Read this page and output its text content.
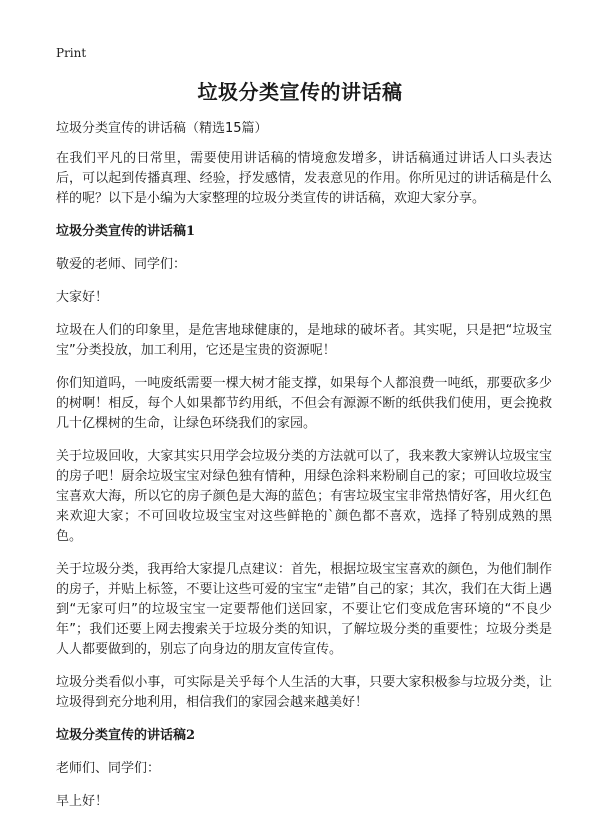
Print
垃圾分类宣传的讲话稿
垃圾分类宣传的讲话稿（精选15篇）

在我们平凡的日常里，需要使用讲话稿的情境愈发增多，讲话稿通过讲话人口头表达后，可以起到传播真理、经验，抒发感情，发表意见的作用。你所见过的讲话稿是什么样的呢？以下是小编为大家整理的垃圾分类宣传的讲话稿，欢迎大家分享。

垃圾分类宣传的讲话稿1

敬爱的老师、同学们：

大家好！

垃圾在人们的印象里，是危害地球健康的，是地球的破坏者。其实呢，只是把“垃圾宝宝”分类投放，加工利用，它还是宝贵的资源呢！

你们知道吗，一吨废纸需要一棵大树才能支撑，如果每个人都浪费一吨纸，那要砍多少的树啊！相反，每个人如果都节约用纸，不但会有源源不断的纸供我们使用，更会挽救几十亿棵树的生命，让绿色环绕我们的家园。

关于垃圾回收，大家其实只用学会垃圾分类的方法就可以了，我来教大家辨认垃圾宝宝的房子吧！厨余垃圾宝宝对绿色独有情种，用绿色涂料来粉刷自己的家；可回收垃圾宝宝喜欢大海，所以它的房子颜色是大海的蓝色；有害垃圾宝宝非常热情好客，用火红色来欢迎大家；不可回收垃圾宝宝对这些鲜艳的`颜色都不喜欢，选择了特别成熟的黑色。

关于垃圾分类，我再给大家提几点建议：首先，根据垃圾宝宝喜欢的颜色，为他们制作的房子，并贴上标签，不要让这些可爱的宝宝“走错”自己的家；其次，我们在大街上遇到“无家可归”的垃圾宝宝一定要帮他们送回家，不要让它们变成危害环境的“不良少年”；我们还要上网去搜索关于垃圾分类的知识，了解垃圾分类的重要性；垃圾分类是人人都要做到的，别忘了向身边的朋友宣传宣传。

垃圾分类看似小事，可实际是关乎每个人生活的大事，只要大家积极参与垃圾分类，让垃圾得到充分地利用，相信我们的家园会越来越美好！

垃圾分类宣传的讲话稿2

老师们、同学们：

早上好！
